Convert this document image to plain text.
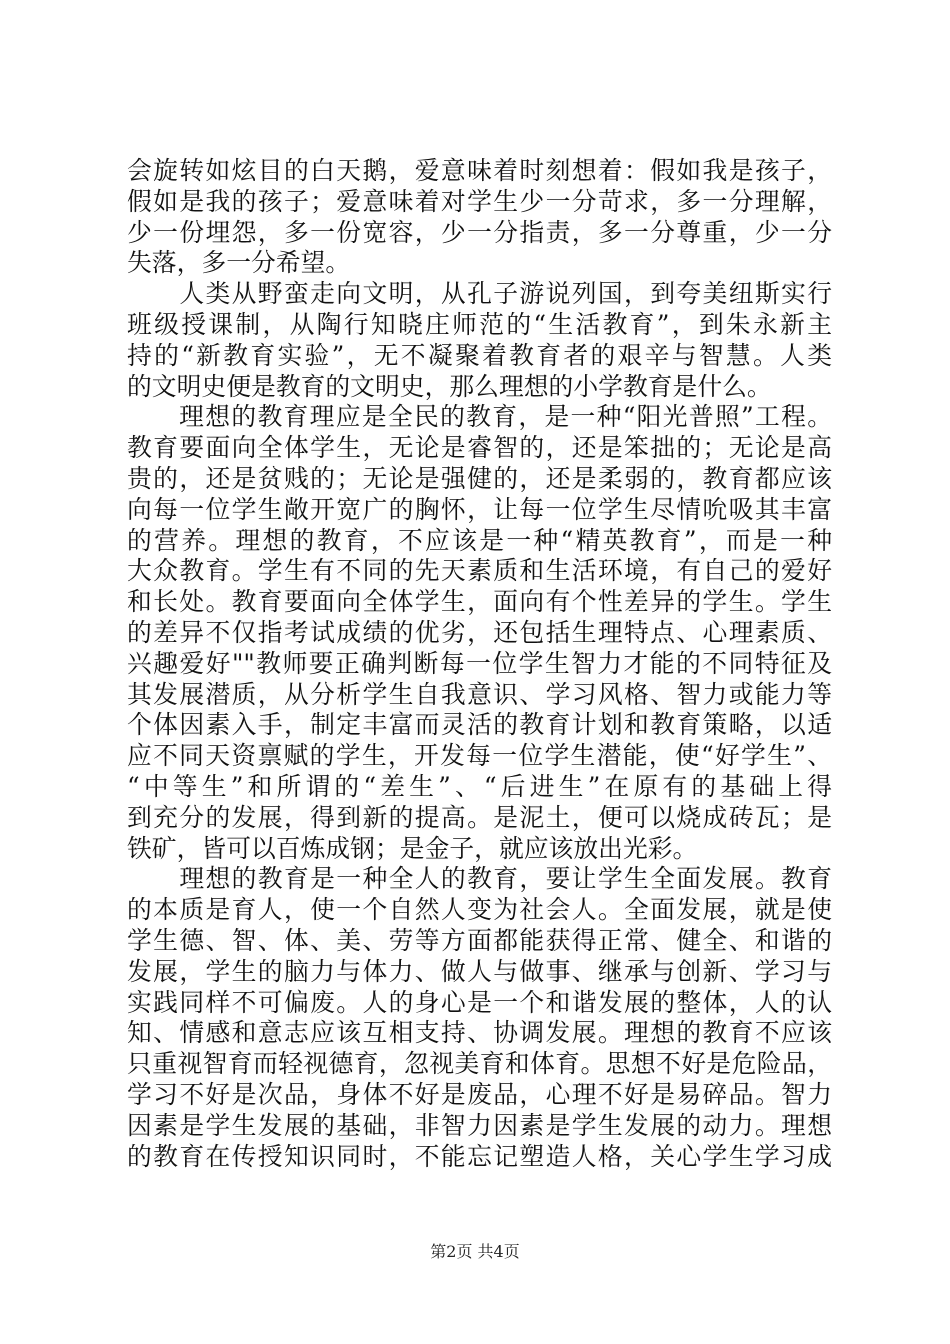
会旋转如炫目的白天鹅，爱意味着时刻想着：假如我是孩子，
假如是我的孩子；爱意味着对学生少一分苛求，多一分理解，
少一份埋怨，多一份宽容，少一分指责，多一分尊重，少一分
失落，多一分希望。
　　人类从野蛮走向文明，从孔子游说列国，到夸美纽斯实行
班级授课制，从陶行知晓庄师范的“生活教育”，到朱永新主
持的“新教育实验”，无不凝聚着教育者的艰辛与智慧。人类
的文明史便是教育的文明史，那么理想的小学教育是什么。
　　理想的教育理应是全民的教育，是一种“阳光普照”工程。
教育要面向全体学生，无论是睿智的，还是笨拙的；无论是高
贵的，还是贫贱的；无论是强健的，还是柔弱的，教育都应该
向每一位学生敞开宽广的胸怀，让每一位学生尽情吮吸其丰富
的营养。理想的教育，不应该是一种“精英教育”，而是一种
大众教育。学生有不同的先天素质和生活环境，有自己的爱好
和长处。教育要面向全体学生，面向有个性差异的学生。学生
的差异不仅指考试成绩的优劣，还包括生理特点、心理素质、
兴趣爱好""教师要正确判断每一位学生智力才能的不同特征及
其发展潜质，从分析学生自我意识、学习风格、智力或能力等
个体因素入手，制定丰富而灵活的教育计划和教育策略，以适
应不同天资禀赋的学生，开发每一位学生潜能，使“好学生”、
“中等生”和所谓的“差生”、“后进生”在原有的基础上得
到充分的发展，得到新的提高。是泥土，便可以烧成砖瓦；是
铁矿，皆可以百炼成钢；是金子，就应该放出光彩。
　　理想的教育是一种全人的教育，要让学生全面发展。教育
的本质是育人，使一个自然人变为社会人。全面发展，就是使
学生德、智、体、美、劳等方面都能获得正常、健全、和谐的
发展，学生的脑力与体力、做人与做事、继承与创新、学习与
实践同样不可偏废。人的身心是一个和谐发展的整体，人的认
知、情感和意志应该互相支持、协调发展。理想的教育不应该
只重视智育而轻视德育，忽视美育和体育。思想不好是危险品，
学习不好是次品，身体不好是废品，心理不好是易碎品。智力
因素是学生发展的基础，非智力因素是学生发展的动力。理想
的教育在传授知识同时，不能忘记塑造人格，关心学生学习成
第2页 共4页
